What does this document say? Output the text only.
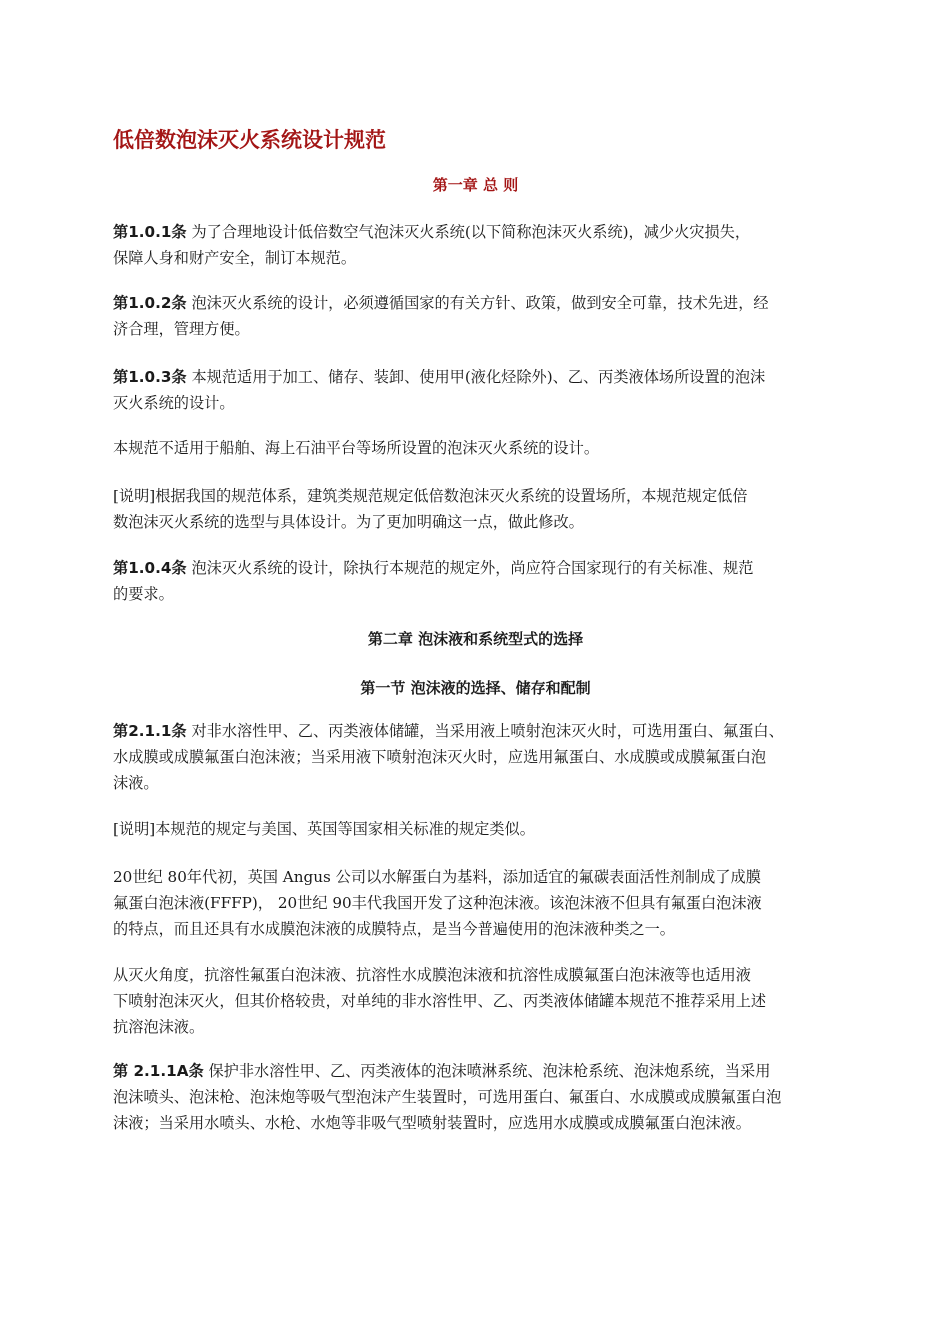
低倍数泡沫灭火系统设计规范
第一章 总 则
第1.0.1条 为了合理地设计低倍数空气泡沫灭火系统(以下简称泡沫灭火系统)，减少火灾损失，
保障人身和财产安全，制订本规范。
第1.0.2条 泡沫灭火系统的设计，必须遵循国家的有关方针、政策，做到安全可靠，技术先进，经
济合理，管理方便。
第1.0.3条 本规范适用于加工、储存、装卸、使用甲(液化烃除外)、乙、丙类液体场所设置的泡沫
灭火系统的设计。
本规范不适用于船舶、海上石油平台等场所设置的泡沫灭火系统的设计。
[说明]根据我国的规范体系，建筑类规范规定低倍数泡沫灭火系统的设置场所，本规范规定低倍
数泡沫灭火系统的选型与具体设计。为了更加明确这一点，做此修改。
第1.0.4条 泡沫灭火系统的设计，除执行本规范的规定外，尚应符合国家现行的有关标准、规范
的要求。
第二章 泡沫液和系统型式的选择
第一节 泡沫液的选择、储存和配制
第2.1.1条 对非水溶性甲、乙、丙类液体储罐，当采用液上喷射泡沫灭火时，可选用蛋白、氟蛋白、
水成膜或成膜氟蛋白泡沫液；当采用液下喷射泡沫灭火时，应选用氟蛋白、水成膜或成膜氟蛋白泡
沫液。
[说明]本规范的规定与美国、英国等国家相关标准的规定类似。
20世纪 80年代初，英国 Angus 公司以水解蛋白为基料，添加适宜的氟碳表面活性剂制成了成膜
氟蛋白泡沫液(FFFP)， 20世纪 90丰代我国开发了这种泡沫液。该泡沫液不但具有氟蛋白泡沫液
的特点，而且还具有水成膜泡沫液的成膜特点，是当今普遍使用的泡沫液种类之一。
从灭火角度，抗溶性氟蛋白泡沫液、抗溶性水成膜泡沫液和抗溶性成膜氟蛋白泡沫液等也适用液
下喷射泡沫灭火，但其价格较贵，对单纯的非水溶性甲、乙、丙类液体储罐本规范不推荐采用上述
抗溶泡沫液。
第 2.1.1A条 保护非水溶性甲、乙、丙类液体的泡沫喷淋系统、泡沫枪系统、泡沫炮系统，当采用
泡沫喷头、泡沫枪、泡沫炮等吸气型泡沫产生装置时，可选用蛋白、氟蛋白、水成膜或成膜氟蛋白泡
沫液；当采用水喷头、水枪、水炮等非吸气型喷射装置时，应选用水成膜或成膜氟蛋白泡沫液。
